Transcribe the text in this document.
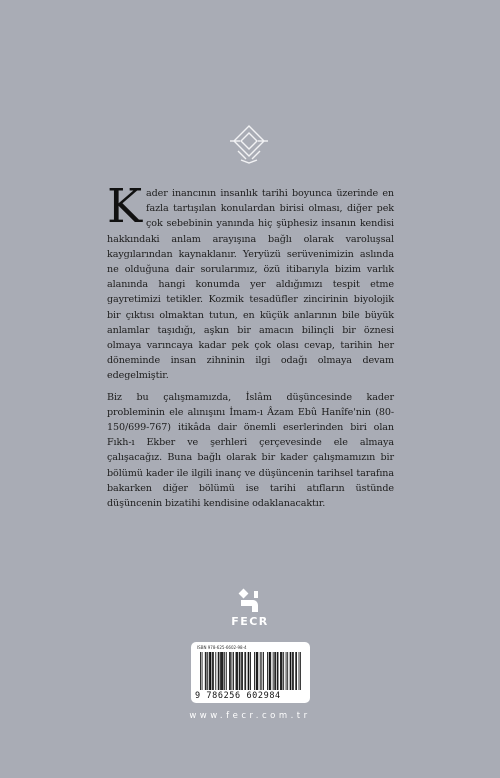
Kader inancının insanlık tarihi boyunca üzerinde en fazla tartışılan konulardan birisi olması, diğer pek çok sebebinin yanında hiç şüphesiz insanın kendisi hakkındaki anlam arayışına bağlı olarak varoluşsal kaygılarından kaynaklanır. Yeryüzü serüvenimizin aslında ne olduğuna dair sorularımız, özü itibarıyla bizim varlık alanında hangi konumda yer aldığımızı tespit etme gayretimizi tetikler. Kozmik tesadüfler zincirinin biyolojik bir çıktısı olmaktan tutun, en küçük anlarının bile büyük anlamlar taşıdığı, aşkın bir amacın bilinçli bir öznesi olmaya varıncaya kadar pek çok olası cevap, tarihin her döneminde insan zihninin ilgi odağı olmaya devam edegelmiştir.

Biz bu çalışmamızda, İslâm düşüncesinde kader probleminin ele alınışını İmam-ı Âzam Ebû Hanîfe'nin (80-150/699-767) itikâda dair önemli eserlerinden biri olan Fıkh-ı Ekber ve şerhleri çerçevesinde ele almaya çalışacağız. Buna bağlı olarak bir kader çalışmamızın bir bölümü kader ile ilgili inanç ve düşüncenin tarihsel tarafına bakarken diğer bölümü ise tarihi atıfların üstünde düşüncenin bizatihi kendisine odaklanacaktır.

FECR
ISBN 978-625-6602-98-4
9 786256 602984
www.fecr.com.tr
